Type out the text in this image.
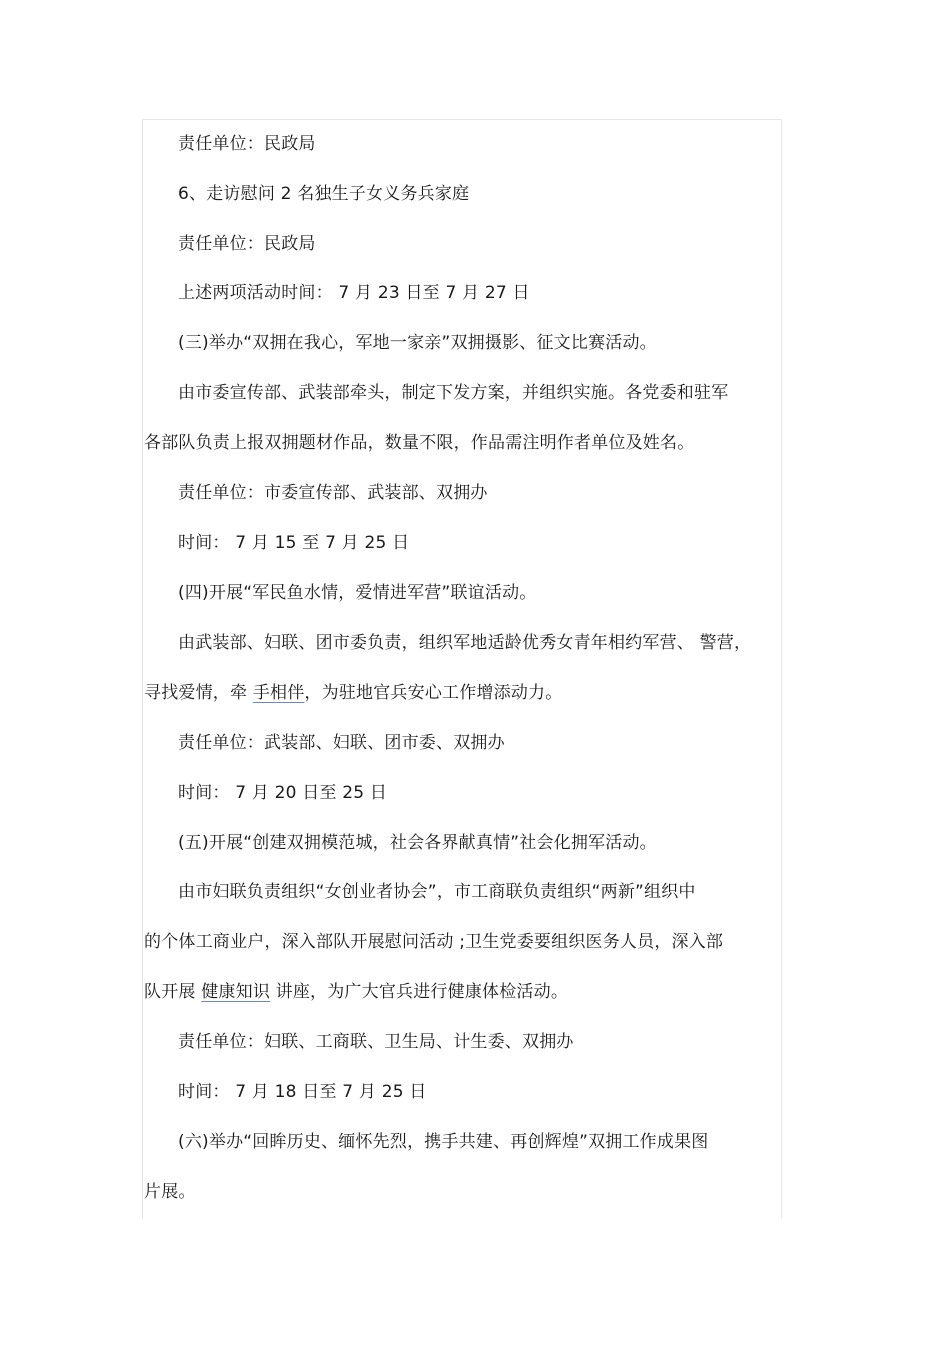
责任单位：民政局
6、走访慰问 2 名独生子女义务兵家庭
责任单位：民政局
上述两项活动时间： 7 月 23 日至 7 月 27 日
(三)举办“双拥在我心，军地一家亲”双拥摄影、征文比赛活动。
由市委宣传部、武装部牵头，制定下发方案，并组织实施。各党委和驻军
各部队负责上报双拥题材作品，数量不限，作品需注明作者单位及姓名。
责任单位：市委宣传部、武装部、双拥办
时间： 7 月 15 至 7 月 25 日
(四)开展“军民鱼水情，爱情进军营”联谊活动。
由武装部、妇联、团市委负责，组织军地适龄优秀女青年相约军营、 警营，
寻找爱情，牵 手相伴，为驻地官兵安心工作增添动力。
责任单位：武装部、妇联、团市委、双拥办
时间： 7 月 20 日至 25 日
(五)开展“创建双拥模范城，社会各界献真情”社会化拥军活动。
由市妇联负责组织“女创业者协会”，市工商联负责组织“两新”组织中
的个体工商业户，深入部队开展慰问活动 ;卫生党委要组织医务人员，深入部
队开展 健康知识 讲座，为广大官兵进行健康体检活动。
责任单位：妇联、工商联、卫生局、计生委、双拥办
时间： 7 月 18 日至 7 月 25 日
(六)举办“回眸历史、缅怀先烈，携手共建、再创辉煌”双拥工作成果图
片展。
